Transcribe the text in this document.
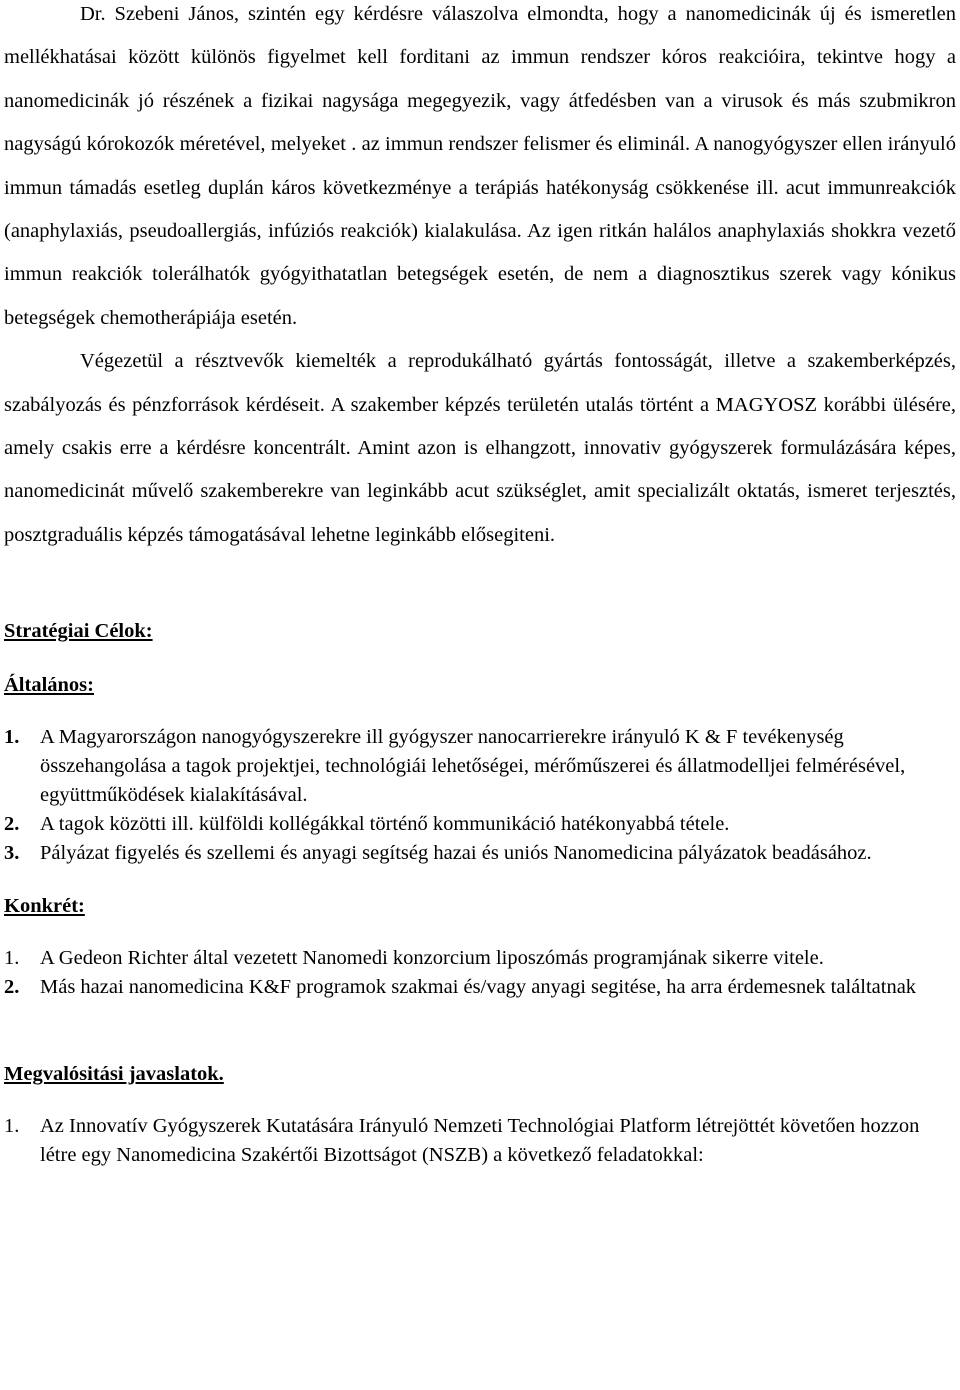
Dr. Szebeni János, szintén egy kérdésre válaszolva elmondta, hogy a nanomedicinák új és ismeretlen mellékhatásai között különös figyelmet kell forditani az immun rendszer kóros reakcióira, tekintve hogy a nanomedicinák jó részének a fizikai nagysága megegyezik, vagy átfedésben van a virusok és más szubmikron nagyságú kórokozók méretével, melyeket . az immun rendszer felismer és eliminál. A nanogyógyszer ellen irányuló immun támadás esetleg duplán káros következménye a terápiás hatékonyság csökkenése ill. acut immunreakciók (anaphylaxiás, pseudoallergiás, infúziós reakciók) kialakulása. Az igen ritkán halálos anaphylaxiás shokkra vezető immun reakciók tolerálhatók gyógyithatatlan betegségek esetén, de nem a diagnosztikus szerek vagy kónikus betegségek chemotherápiája esetén.

Végezetül a résztvevők kiemelték a reprodukálható gyártás fontosságát, illetve a szakemberképzés, szabályozás és pénzforrások kérdéseit. A szakember képzés területén utalás történt a MAGYOSZ korábbi ülésére, amely csakis erre a kérdésre koncentrált. Amint azon is elhangzott, innovativ gyógyszerek formulázására képes, nanomedicinát művelő szakemberekre van leginkább acut szükséglet, amit specializált oktatás, ismeret terjesztés, posztgraduális képzés támogatásával lehetne leginkább elősegiteni.

Stratégiai Célok:

Általános:

1.	A Magyarországon nanogyógyszerekre ill gyógyszer nanocarrierekre irányuló K & F tevékenység összehangolása a tagok projektjei, technológiái lehetőségei, mérőműszerei és állatmodelljei felmérésével, együttműködések kialakításával.
2.	A tagok közötti ill. külföldi kollégákkal történő kommunikáció hatékonyabbá tétele.
3.	Pályázat figyelés és szellemi és anyagi segítség hazai és uniós Nanomedicina pályázatok beadásához.

Konkrét:

1.	A Gedeon Richter által vezetett Nanomedi konzorcium liposzómás programjának sikerre vitele.
2.	Más hazai nanomedicina K&F programok szakmai és/vagy anyagi segitése, ha arra érdemesnek találtatnak

Megvalósitási javaslatok.

1.	Az Innovatív Gyógyszerek Kutatására Irányuló Nemzeti Technológiai Platform létrejöttét követően hozzon létre egy Nanomedicina Szakértői Bizottságot (NSZB) a következő feladatokkal:
